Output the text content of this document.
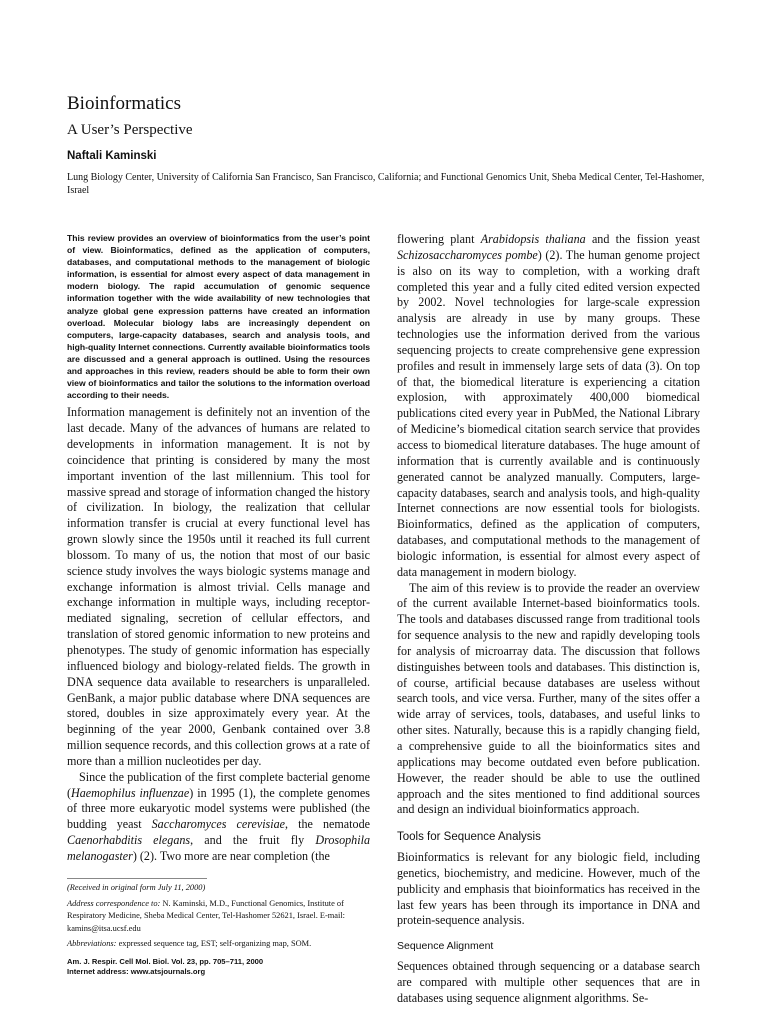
Bioinformatics
A User’s Perspective
Naftali Kaminski
Lung Biology Center, University of California San Francisco, San Francisco, California; and Functional Genomics Unit, Sheba Medical Center, Tel-Hashomer, Israel

This review provides an overview of bioinformatics from the user’s point of view. Bioinformatics, defined as the application of computers, databases, and computational methods to the management of biologic information, is essential for almost every aspect of data management in modern biology. The rapid accumulation of genomic sequence information together with the wide availability of new technologies that analyze global gene expression patterns have created an information overload. Molecular biology labs are increasingly dependent on computers, large-capacity databases, search and analysis tools, and high-quality Internet connections. Currently available bioinformatics tools are discussed and a general approach is outlined. Using the resources and approaches in this review, readers should be able to form their own view of bioinformatics and tailor the solutions to the information overload according to their needs.

Information management is definitely not an invention of the last decade. Many of the advances of humans are related to developments in information management. It is not by coincidence that printing is considered by many the most important invention of the last millennium. This tool for massive spread and storage of information changed the history of civilization. In biology, the realization that cellular information transfer is crucial at every functional level has grown slowly since the 1950s until it reached its full current blossom. To many of us, the notion that most of our basic science study involves the ways biologic systems manage and exchange information is almost trivial. Cells manage and exchange information in multiple ways, including receptor-mediated signaling, secretion of cellular effectors, and translation of stored genomic information to new proteins and phenotypes. The study of genomic information has especially influenced biology and biology-related fields. The growth in DNA sequence data available to researchers is unparalleled. GenBank, a major public database where DNA sequences are stored, doubles in size approximately every year. At the beginning of the year 2000, Genbank contained over 3.8 million sequence records, and this collection grows at a rate of more than a million nucleotides per day.

Since the publication of the first complete bacterial genome (Haemophilus influenzae) in 1995 (1), the complete genomes of three more eukaryotic model systems were published (the budding yeast Saccharomyces cerevisiae, the nematode Caenorhabditis elegans, and the fruit fly Drosophila melanogaster) (2). Two more are near completion (the

(Received in original form July 11, 2000)

Address correspondence to: N. Kaminski, M.D., Functional Genomics, Institute of Respiratory Medicine, Sheba Medical Center, Tel-Hashomer 52621, Israel. E-mail: kamins@itsa.ucsf.edu

Abbreviations: expressed sequence tag, EST; self-organizing map, SOM.

Am. J. Respir. Cell Mol. Biol. Vol. 23, pp. 705–711, 2000
Internet address: www.atsjournals.org

flowering plant Arabidopsis thaliana and the fission yeast Schizosaccharomyces pombe) (2). The human genome project is also on its way to completion, with a working draft completed this year and a fully cited edited version expected by 2002. Novel technologies for large-scale expression analysis are already in use by many groups. These technologies use the information derived from the various sequencing projects to create comprehensive gene expression profiles and result in immensely large sets of data (3). On top of that, the biomedical literature is experiencing a citation explosion, with approximately 400,000 biomedical publications cited every year in PubMed, the National Library of Medicine’s biomedical citation search service that provides access to biomedical literature databases. The huge amount of information that is currently available and is continuously generated cannot be analyzed manually. Computers, large-capacity databases, search and analysis tools, and high-quality Internet connections are now essential tools for biologists. Bioinformatics, defined as the application of computers, databases, and computational methods to the management of biologic information, is essential for almost every aspect of data management in modern biology.

The aim of this review is to provide the reader an overview of the current available Internet-based bioinformatics tools. The tools and databases discussed range from traditional tools for sequence analysis to the new and rapidly developing tools for analysis of microarray data. The discussion that follows distinguishes between tools and databases. This distinction is, of course, artificial because databases are useless without search tools, and vice versa. Further, many of the sites offer a wide array of services, tools, databases, and useful links to other sites. Naturally, because this is a rapidly changing field, a comprehensive guide to all the bioinformatics sites and applications may become outdated even before publication. However, the reader should be able to use the outlined approach and the sites mentioned to find additional sources and design an individual bioinformatics approach.

Tools for Sequence Analysis

Bioinformatics is relevant for any biologic field, including genetics, biochemistry, and medicine. However, much of the publicity and emphasis that bioinformatics has received in the last few years has been through its importance in DNA and protein-sequence analysis.

Sequence Alignment

Sequences obtained through sequencing or a database search are compared with multiple other sequences that are in databases using sequence alignment algorithms. Se-
